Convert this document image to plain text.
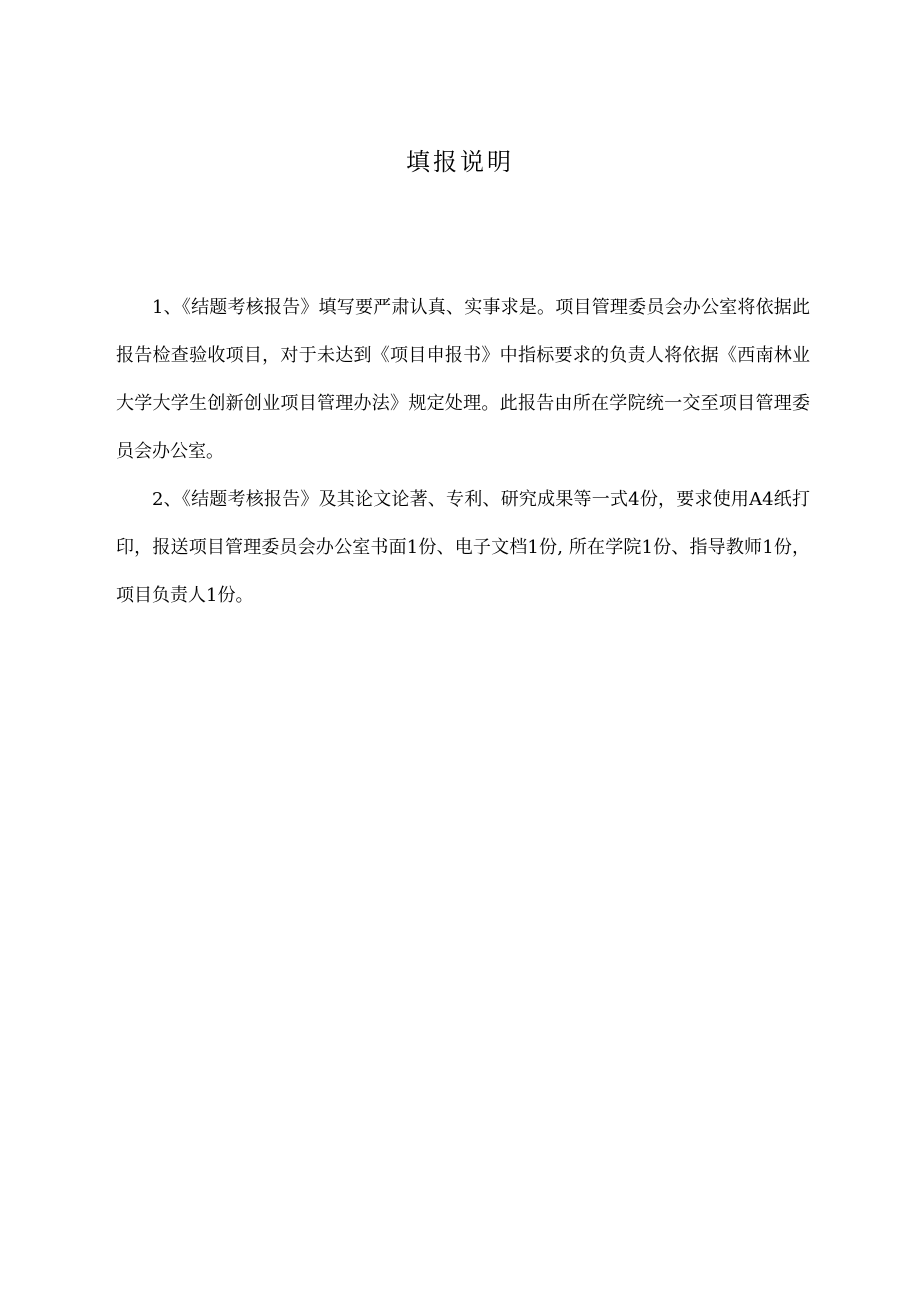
填报说明

1、《结题考核报告》填写要严肃认真、实事求是。项目管理委员会办公室将依据此报告检查验收项目，对于未达到《项目申报书》中指标要求的负责人将依据《西南林业大学大学生创新创业项目管理办法》规定处理。此报告由所在学院统一交至项目管理委员会办公室。

2、《结题考核报告》及其论文论著、专利、研究成果等一式4份，要求使用A4纸打印，报送项目管理委员会办公室书面1份、电子文档1份, 所在学院1份、指导教师1份，项目负责人1份。
